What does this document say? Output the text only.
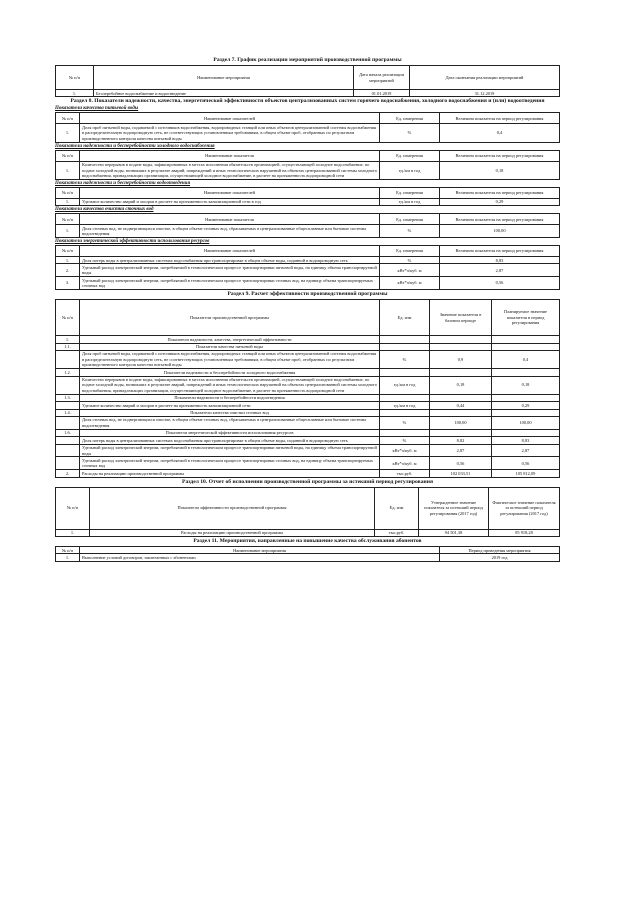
Раздел 7. График реализации мероприятий производственной программы
№ п/п	Наименование мероприятия	Дата начала реализации мероприятий	Дата окончания реализации мероприятий
1.	Бесперебойное водоснабжение и водоотведение	01.01.2019	31.12.2019
Раздел 8. Показатели надежности, качества, энергетической эффективности объектов централизованных систем горячего водоснабжения, холодного водоснабжения и (или) водоотведения
Показатели качества питьевой воды
№ п/п	Наименование показателей	Ед. измерения	Величина показателя на период регулирования
1.	Доля проб питьевой воды, подаваемой с источников водоснабжения, водопроводных станций или иных объектов централизованной системы водоснабжения в распределительную водопроводную сеть, не соответствующих установленным требованиям, в общем объеме проб, отобранных по результатам производственного контроля качества питьевой воды	%	0,4
Показатели надежности и бесперебойности холодного водоснабжения
№ п/п	Наименование показателя	Ед. измерения	Величина показателя на период регулирования
1.	Количество перерывов в подаче воды, зафиксированных в местах исполнения обязательств организацией, осуществляющей холодное водоснабжение, по подаче холодной воды, возникших в результате аварий, повреждений и иных технологических нарушений на объектах централизованной системы холодного водоснабжения, принадлежащих организации, осуществляющей холодное водоснабжение, в расчете на протяженность водопроводной сети	ед./км в год	0,18
Показатели надежности и бесперебойности водоотведения
№ п/п	Наименование показателей	Ед. измерения	Величина показателя на период регулирования
1.	Удельное количество аварий и засоров в расчете на протяженность канализационной сети в год	ед./км в год	0,29
Показатели качества очистки сточных вод
№ п/п	Наименование показателя	Ед. измерения	Величина показателя на период регулирования
1.	Доля сточных вод, не подвергающихся очистке, в общем объеме сточных вод, сбрасываемых в централизованные общесплавные или бытовые системы водоотведения	%	100,00
Показатели энергетической эффективности использования ресурсов
№ п/п	Наименование показателей	Ед. измерения	Величина показателя на период регулирования
1.	Доля потерь воды в централизованных системах водоснабжения при транспортировке в общем объеме воды, поданной в водопроводную сеть	%	8,83
2.	Удельный расход электрической энергии, потребляемой в технологическом процессе транспортировки питьевой воды, на единицу объема транспортируемой воды	кВт*ч/куб. м	2,87
3.	Удельный расход электрической энергии, потребляемой в технологическом процессе транспортировки сточных вод, на единицу объема транспортируемых сточных вод	кВт*ч/куб. м	0,56
Раздел 9. Расчет эффективности производственной программы
№ п/п	Показатели производственной программы	Ед. изм	Значение показателя в базовом периоде	Планируемое значение показателя в период регулирования
1.	Показатели надежности, качества, энергетической эффективности			
1.1.	Показатели качества питьевой воды			
	Доля проб питьевой воды, подаваемой с источников водоснабжения, водопроводных станций или иных объектов централизованной системы водоснабжения в распределительную водопроводную сеть, не соответствующих установленным требованиям, в общем объеме проб, отобранных по результатам производственного контроля качества питьевой воды	%	0,9	0,4
1.2.	Показатели надежности и бесперебойности холодного водоснабжения			
	Количество перерывов в подаче воды, зафиксированных в местах исполнения обязательств организацией, осуществляющей холодное водоснабжение, по подаче холодной воды, возникших в результате аварий, повреждений и иных технологических нарушений на объектах централизованной системы холодного водоснабжения, принадлежащих организации, осуществляющей холодное водоснабжение, в расчете на протяженность водопроводной сети	ед./км в год	0,18	0,18
1.3.	Показатели надежности и бесперебойности водоотведения			
	Удельное количество аварий и засоров в расчете на протяженность канализационной сети	ед./км в год	0,44	0,29
1.4.	Показатели качества очистки сточных вод			
	Доля сточных вод, не подвергающихся очистке, в общем объеме сточных вод, сбрасываемых в централизованные общесплавные или бытовые системы водоотведения	%	100,00	100,00
1.6.	Показатели энергетической эффективности использования ресурсов			
	Доля потерь воды в централизованных системах водоснабжения при транспортировке в общем объеме воды, поданной в водопроводную сеть	%	8,82	8,83
	Удельный расход электрической энергии, потребляемой в технологическом процессе транспортировки питьевой воды, на единицу объема транспортируемой воды	кВт*ч/куб. м	2,87	2,87
	Удельный расход электрической энергии, потребляемой в технологическом процессе транспортировки сточных вод, на единицу объема транспортируемых сточных вод	кВт*ч/куб. м	0,56	0,56
2.	Расходы на реализацию производственной программы	тыс.руб.	102 033,51	105 812,09
Раздел 10. Отчет об исполнении производственной программы за истекший период регулирования
№ п/п	Показатели эффективности производственной программы	Ед. изм	Утвержденное значение показателя за истекший период регулирования (2017 год)	Фактическое значение показателя за истекший период регулирования (2017 год)
1.	Расходы на реализацию производственной программы	тыс.руб.	94 501,38	85 918,28
Раздел 11. Мероприятия, направленные на повышение качества обслуживания абонентов
№ п/п	Наименование мероприятия	Период проведения мероприятия
1.	Выполнение условий договоров, заключенных с абонентами	2019 год
